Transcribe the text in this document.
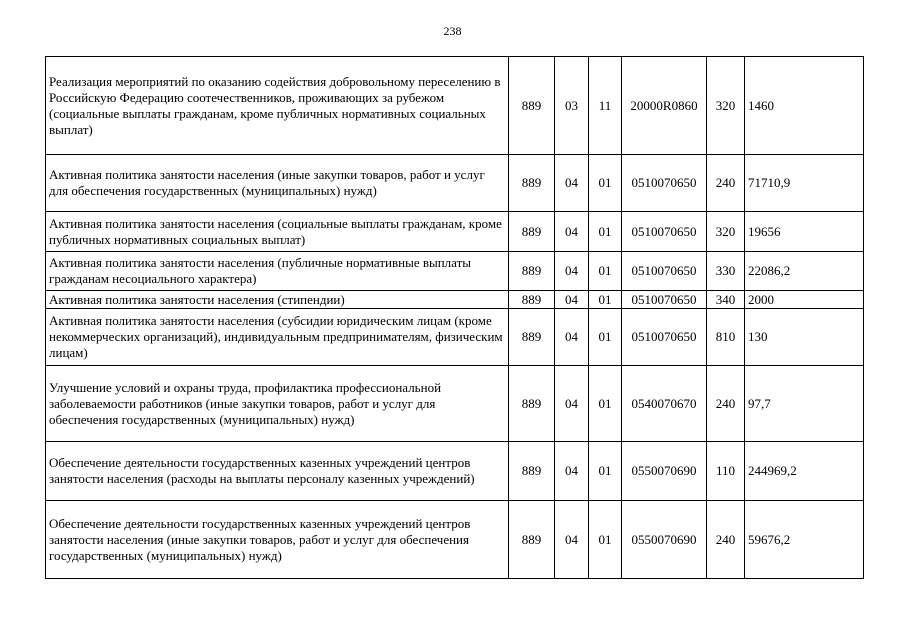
238
Реализация мероприятий по оказанию содействия добровольному переселению в Российскую Федерацию соотечественников, проживающих за рубежом (социальные выплаты гражданам, кроме публичных нормативных социальных выплат)	889	03	11	20000R0860	320	1460
Активная политика занятости населения (иные закупки товаров, работ и услуг для обеспечения государственных (муниципальных) нужд)	889	04	01	0510070650	240	71710,9
Активная политика занятости населения (социальные выплаты гражданам, кроме публичных нормативных социальных выплат)	889	04	01	0510070650	320	19656
Активная политика занятости населения (публичные нормативные выплаты гражданам несоциального характера)	889	04	01	0510070650	330	22086,2
Активная политика занятости населения (стипендии)	889	04	01	0510070650	340	2000
Активная политика занятости населения (субсидии юридическим лицам (кроме некоммерческих организаций), индивидуальным предпринимателям, физическим лицам)	889	04	01	0510070650	810	130
Улучшение условий и охраны труда, профилактика профессиональной заболеваемости работников (иные закупки товаров, работ и услуг для обеспечения государственных (муниципальных) нужд)	889	04	01	0540070670	240	97,7
Обеспечение деятельности государственных казенных учреждений центров занятости населения (расходы на выплаты персоналу казенных учреждений)	889	04	01	0550070690	110	244969,2
Обеспечение деятельности государственных казенных учреждений центров занятости населения (иные закупки товаров, работ и услуг для обеспечения государственных (муниципальных) нужд)	889	04	01	0550070690	240	59676,2
